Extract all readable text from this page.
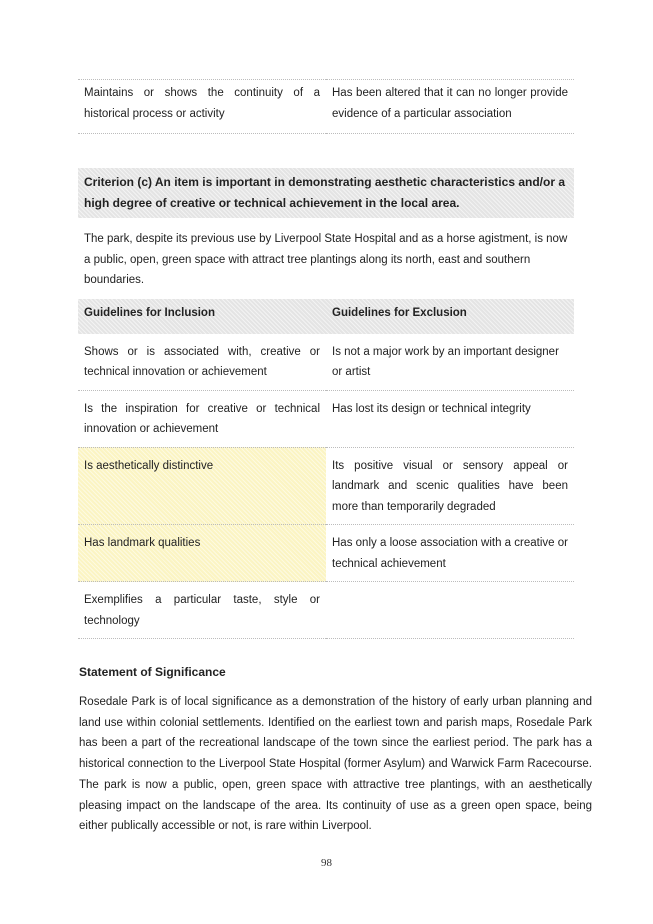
Maintains or shows the continuity of a historical process or activity	Has been altered that it can no longer provide evidence of a particular association
Criterion (c) An item is important in demonstrating aesthetic characteristics and/or a high degree of creative or technical achievement in the local area.
The park, despite its previous use by Liverpool State Hospital and as a horse agistment, is now a public, open, green space with attract tree plantings along its north, east and southern boundaries.
Guidelines for Inclusion	Guidelines for Exclusion
Shows or is associated with, creative or technical innovation or achievement	Is not a major work by an important designer or artist
Is the inspiration for creative or technical innovation or achievement	Has lost its design or technical integrity
Is aesthetically distinctive	Its positive visual or sensory appeal or landmark and scenic qualities have been more than temporarily degraded
Has landmark qualities	Has only a loose association with a creative or technical achievement
Exemplifies a particular taste, style or technology	
Statement of Significance
Rosedale Park is of local significance as a demonstration of the history of early urban planning and land use within colonial settlements. Identified on the earliest town and parish maps, Rosedale Park has been a part of the recreational landscape of the town since the earliest period. The park has a historical connection to the Liverpool State Hospital (former Asylum) and Warwick Farm Racecourse. The park is now a public, open, green space with attractive tree plantings, with an aesthetically pleasing impact on the landscape of the area. Its continuity of use as a green open space, being either publically accessible or not, is rare within Liverpool.
98
